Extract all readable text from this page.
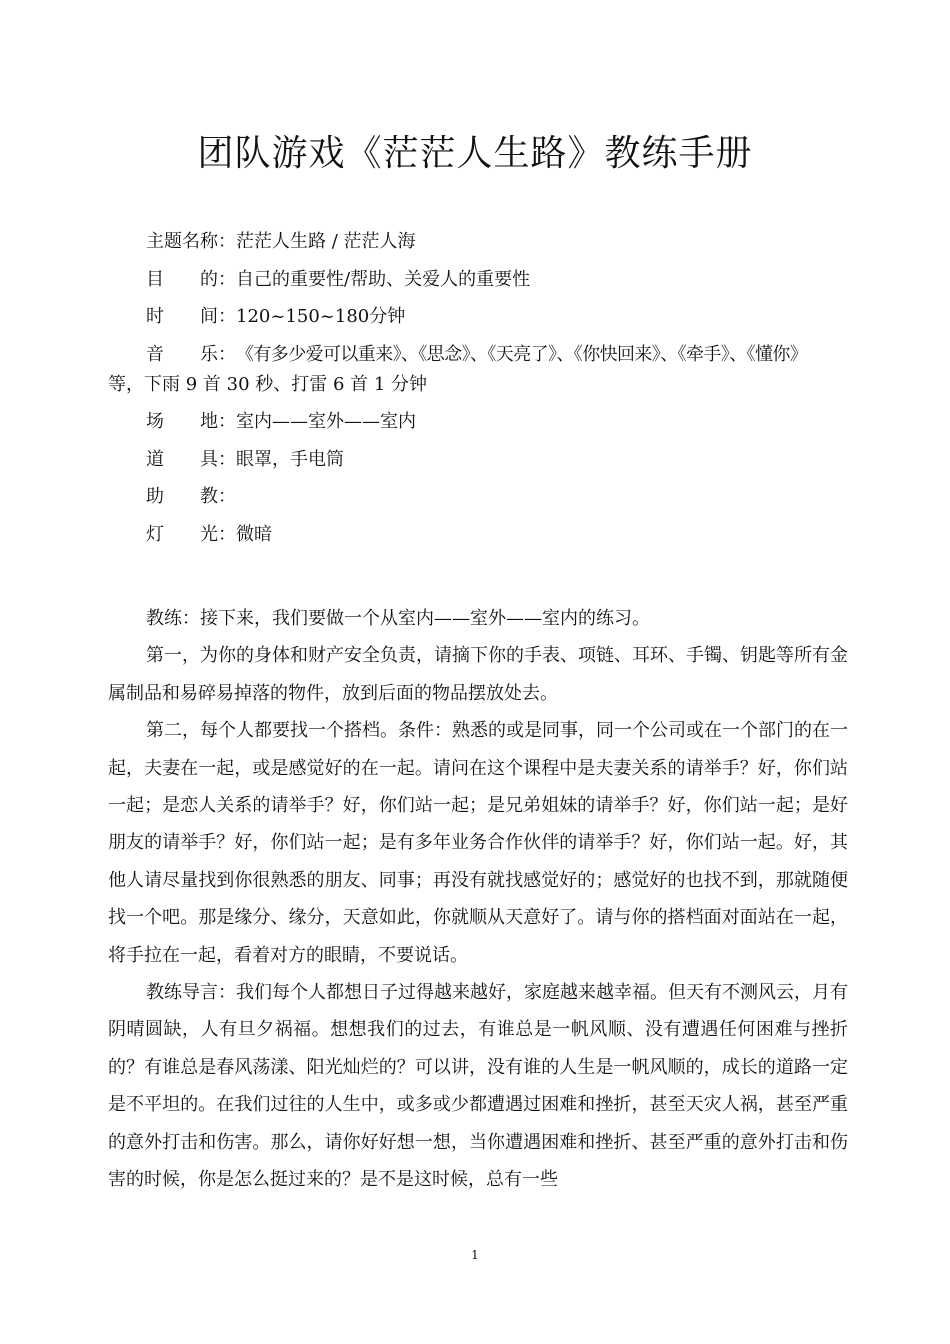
团队游戏《茫茫人生路》教练手册
主题名称： 茫茫人生路 / 茫茫人海
目　　的： 自己的重要性/帮助、关爱人的重要性
时　　间： 120~150~180分钟
音　　乐： 《有多少爱可以重来》、《思念》、《天亮了》、《你快回来》、《牵手》、《懂你》
等，下雨 9 首 30 秒、打雷 6 首 1 分钟
场　　地： 室内——室外——室内
道　　具： 眼罩，手电筒
助　　教：
灯　　光： 微暗

教练：接下来，我们要做一个从室内——室外——室内的练习。

第一，为你的身体和财产安全负责，请摘下你的手表、项链、耳环、手镯、钥匙等所有金属制品和易碎易掉落的物件，放到后面的物品摆放处去。

第二，每个人都要找一个搭档。条件：熟悉的或是同事，同一个公司或在一个部门的在一起，夫妻在一起，或是感觉好的在一起。请问在这个课程中是夫妻关系的请举手？好，你们站一起；是恋人关系的请举手？好，你们站一起；是兄弟姐妹的请举手？好，你们站一起；是好朋友的请举手？好，你们站一起；是有多年业务合作伙伴的请举手？好，你们站一起。好，其他人请尽量找到你很熟悉的朋友、同事；再没有就找感觉好的；感觉好的也找不到，那就随便找一个吧。那是缘分、缘分，天意如此，你就顺从天意好了。请与你的搭档面对面站在一起，将手拉在一起，看着对方的眼睛，不要说话。

教练导言：我们每个人都想日子过得越来越好，家庭越来越幸福。但天有不测风云，月有阴晴圆缺，人有旦夕祸福。想想我们的过去，有谁总是一帆风顺、没有遭遇任何困难与挫折的？有谁总是春风荡漾、阳光灿烂的？可以讲，没有谁的人生是一帆风顺的，成长的道路一定是不平坦的。在我们过往的人生中，或多或少都遭遇过困难和挫折，甚至天灾人祸，甚至严重的意外打击和伤害。那么，请你好好想一想，当你遭遇困难和挫折、甚至严重的意外打击和伤害的时候，你是怎么挺过来的？是不是这时候，总有一些

1
